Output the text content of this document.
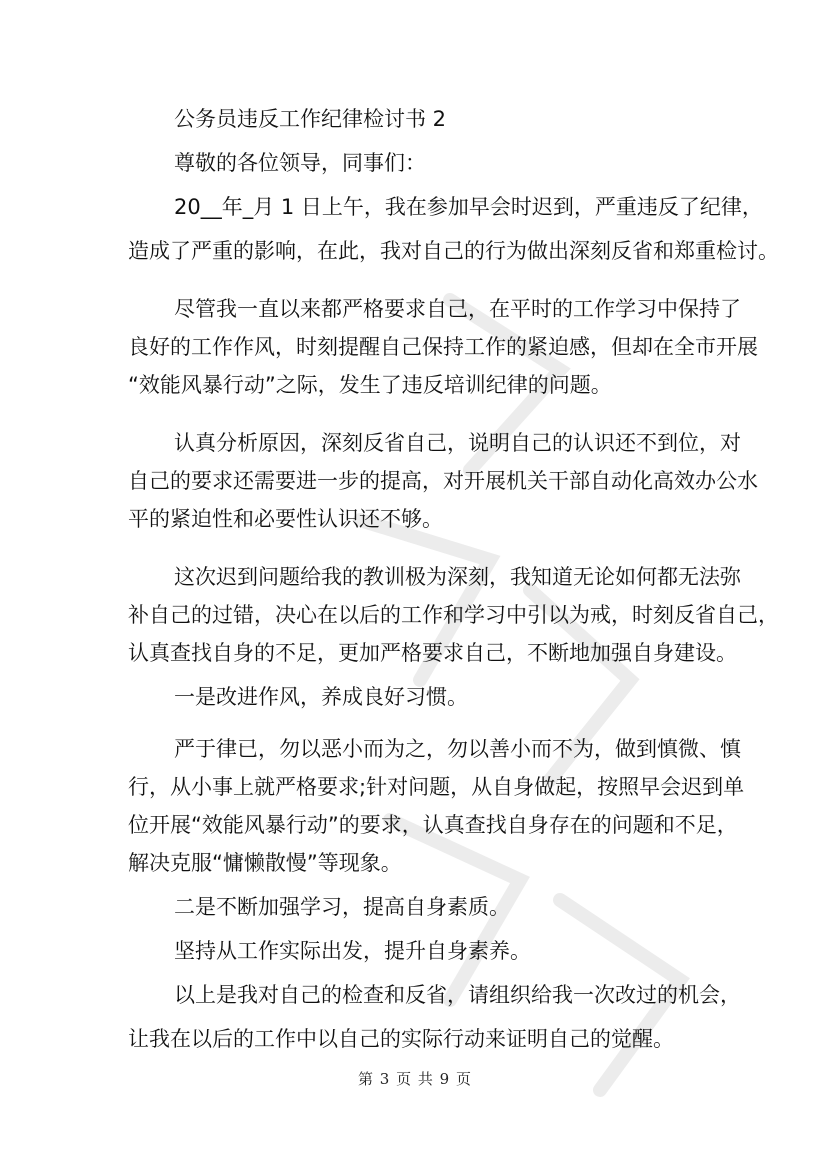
公务员违反工作纪律检讨书 2
尊敬的各位领导，同事们：
20__年_月 1 日上午，我在参加早会时迟到，严重违反了纪律，
造成了严重的影响，在此，我对自己的行为做出深刻反省和郑重检讨。
尽管我一直以来都严格要求自己，在平时的工作学习中保持了
良好的工作作风，时刻提醒自己保持工作的紧迫感，但却在全市开展
“效能风暴行动”之际，发生了违反培训纪律的问题。
认真分析原因，深刻反省自己，说明自己的认识还不到位，对
自己的要求还需要进一步的提高，对开展机关干部自动化高效办公水
平的紧迫性和必要性认识还不够。
这次迟到问题给我的教训极为深刻，我知道无论如何都无法弥
补自己的过错，决心在以后的工作和学习中引以为戒，时刻反省自己，
认真查找自身的不足，更加严格要求自己，不断地加强自身建设。
一是改进作风，养成良好习惯。
严于律已，勿以恶小而为之，勿以善小而不为，做到慎微、慎
行，从小事上就严格要求;针对问题，从自身做起，按照早会迟到单
位开展“效能风暴行动”的要求，认真查找自身存在的问题和不足，
解决克服“慵懒散慢”等现象。
二是不断加强学习，提高自身素质。
坚持从工作实际出发，提升自身素养。
以上是我对自己的检查和反省，请组织给我一次改过的机会，
让我在以后的工作中以自己的实际行动来证明自己的觉醒。
第 3 页 共 9 页
